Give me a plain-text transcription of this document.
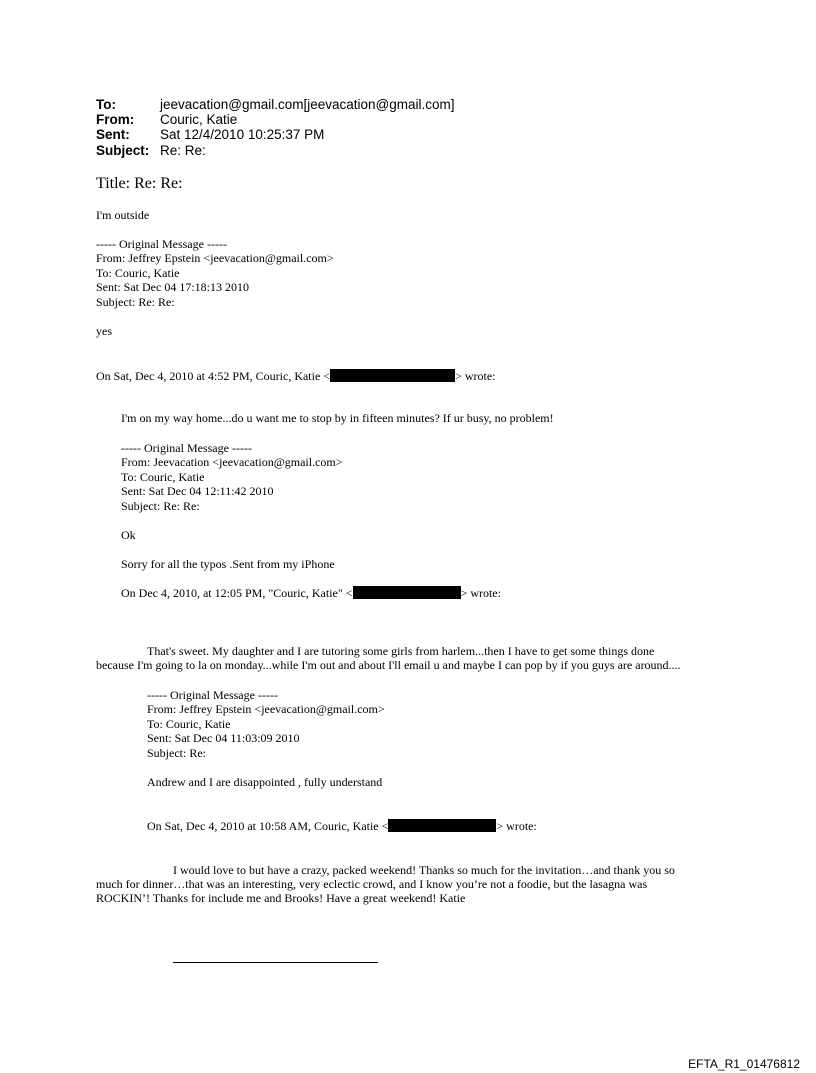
To:	jeevacation@gmail.com[jeevacation@gmail.com]
From: Couric, Katie
Sent: Sat 12/4/2010 10:25:37 PM
Subject: Re: Re:
Title: Re: Re:
I'm outside
----- Original Message -----
From: Jeffrey Epstein <jeevacation@gmail.com>
To: Couric, Katie
Sent: Sat Dec 04 17:18:13 2010
Subject: Re: Re:
yes
On Sat, Dec 4, 2010 at 4:52 PM, Couric, Katie <	> wrote:
I'm on my way home...do u want me to stop by in fifteen minutes? If ur busy, no problem!
----- Original Message -----
From: Jeevacation <jeevacation@gmail.com>
To: Couric, Katie
Sent: Sat Dec 04 12:11:42 2010
Subject: Re: Re:
Ok
Sorry for all the typos .Sent from my iPhone
On Dec 4, 2010, at 12:05 PM, "Couric, Katie" <	> wrote:
That's sweet. My daughter and I are tutoring some girls from harlem...then I have to get some things done
because I'm going to la on monday...while I'm out and about I'll email u and maybe I can pop by if you guys are around....
----- Original Message -----
From: Jeffrey Epstein <jeevacation@gmail.com>
To: Couric, Katie
Sent: Sat Dec 04 11:03:09 2010
Subject: Re:
Andrew and I are disappointed , fully understand
On Sat, Dec 4, 2010 at 10:58 AM, Couric, Katie <	> wrote:
I would love to but have a crazy, packed weekend! Thanks so much for the invitation…and thank you so
much for dinner…that was an interesting, very eclectic crowd, and I know you’re not a foodie, but the lasagna was
ROCKIN’! Thanks for include me and Brooks! Have a great weekend! Katie
EFTA_R1_01476812
